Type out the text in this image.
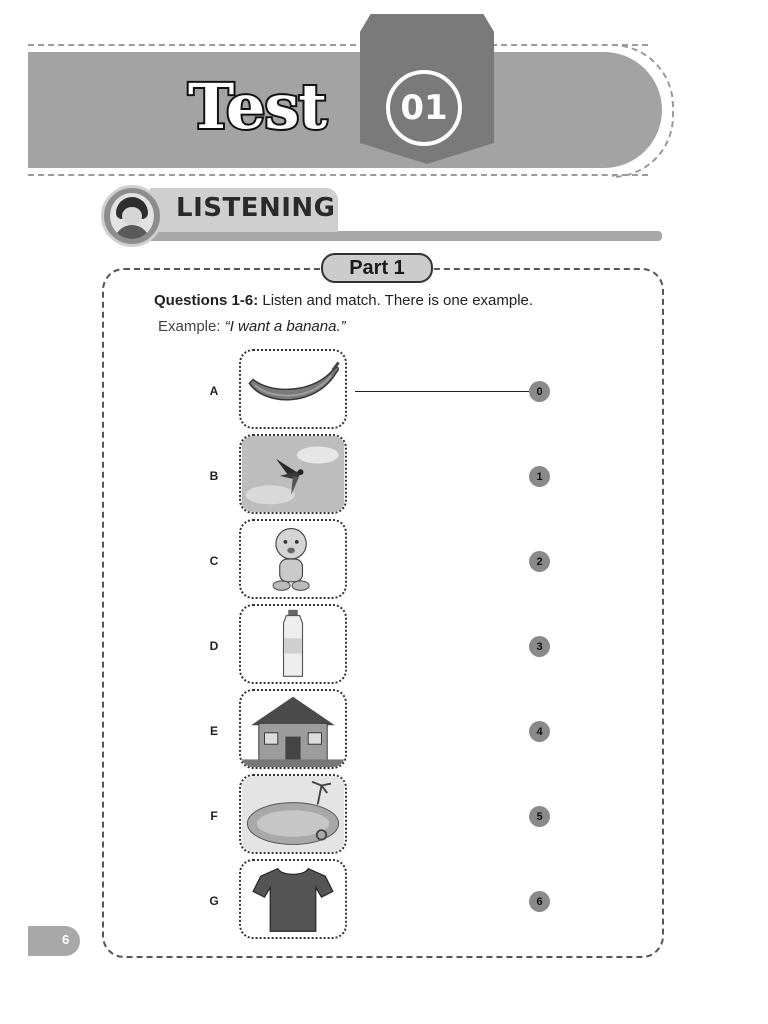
Test	01
LISTENING
Part 1
Questions 1-6: Listen and match. There is one example.
Example: “I want a banana.”
A
B
C
D
E
F
G
0
1
2
3
4
5
6
6
